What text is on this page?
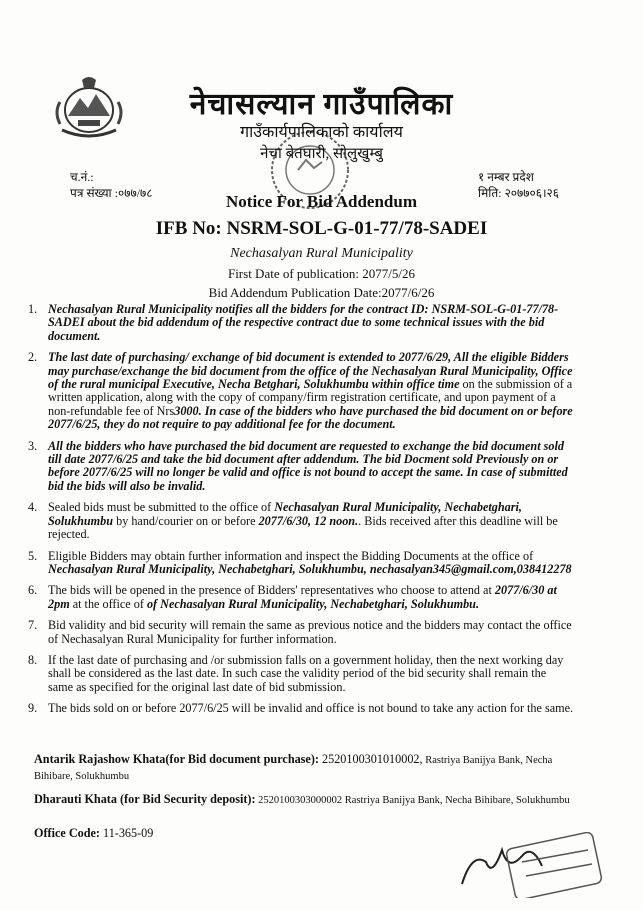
नेचासल्यान गाउँपालिका
गाउँकार्यपालिकाको कार्यालय
नेचा बेतघारी, सोलुखुम्बु
च.नं.:
पत्र संख्या :०७७/७८
१ नम्बर प्रदेश
मिति: २०७७०६।२६
Notice For Bid Addendum
IFB No: NSRM-SOL-G-01-77/78-SADEI
Nechasalyan Rural Municipality
First Date of publication: 2077/5/26
Bid Addendum Publication Date:2077/6/26
1. Nechasalyan Rural Municipality notifies all the bidders for the contract ID: NSRM-SOL-G-01-77/78-SADEI about the bid addendum of the respective contract due to some technical issues with the bid document.
2. The last date of purchasing/ exchange of bid document is extended to 2077/6/29, All the eligible Bidders may purchase/exchange the bid document from the office of the Nechasalyan Rural Municipality, Office of the rural municipal Executive, Necha Betghari, Solukhumbu within office time on the submission of a written application, along with the copy of company/firm registration certificate, and upon payment of a non-refundable fee of Nrs3000. In case of the bidders who have purchased the bid document on or before 2077/6/25, they do not require to pay additional fee for the document.
3. All the bidders who have purchased the bid document are requested to exchange the bid document sold till date 2077/6/25 and take the bid document after addendum. The bid Docment sold Previously on or before 2077/6/25 will no longer be valid and office is not bound to accept the same. In case of submitted bid the bids will also be invalid.
4. Sealed bids must be submitted to the office of Nechasalyan Rural Municipality, Nechabetghari, Solukhumbu by hand/courier on or before 2077/6/30, 12 noon.. Bids received after this deadline will be rejected.
5. Eligible Bidders may obtain further information and inspect the Bidding Documents at the office of Nechasalyan Rural Municipality, Nechabetghari, Solukhumbu, nechasalyan345@gmail.com,038412278
6. The bids will be opened in the presence of Bidders' representatives who choose to attend at 2077/6/30 at 2pm at the office of of Nechasalyan Rural Municipality, Nechabetghari, Solukhumbu.
7. Bid validity and bid security will remain the same as previous notice and the bidders may contact the office of Nechasalyan Rural Municipality for further information.
8. If the last date of purchasing and /or submission falls on a government holiday, then the next working day shall be considered as the last date. In such case the validity period of the bid security shall remain the same as specified for the original last date of bid submission.
9. The bids sold on or before 2077/6/25 will be invalid and office is not bound to take any action for the same.
Antarik Rajashow Khata(for Bid document purchase): 2520100301010002, Rastriya Banijya Bank, Necha Bihibare, Solukhumbu
Dharauti Khata (for Bid Security deposit): 2520100303000002 Rastriya Banijya Bank, Necha Bihibare, Solukhumbu
Office Code: 11-365-09
